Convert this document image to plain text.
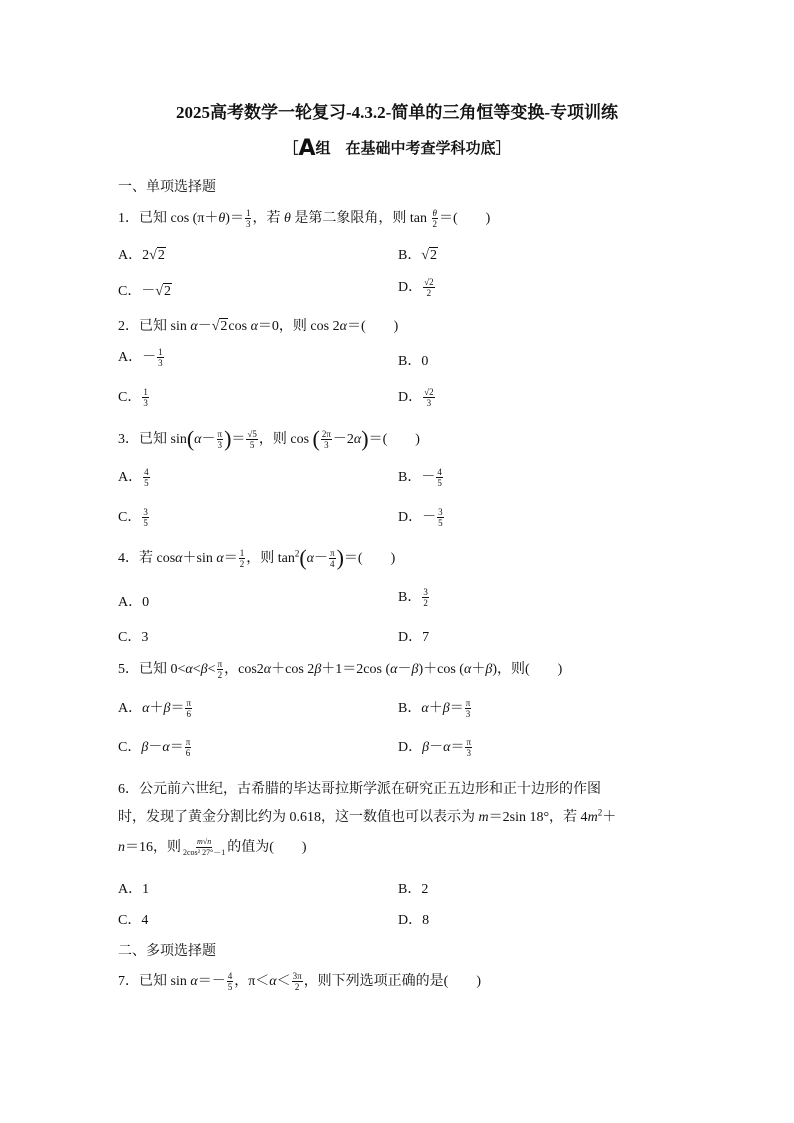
2025高考数学一轮复习-4.3.2-简单的三角恒等变换-专项训练
［A组　在基础中考查学科功底］
一、单项选择题
1．已知 $\cos (\pi+\theta)= \frac{1}{3}$ ，若 θ 是第二象限角，则 $\tan \frac{\theta}{2}$ ＝(　　)
A．2√2	B．√2
C．－√2	D． $\frac{√2}{2}$
2．已知 sin α－√2cos α＝0，则 cos 2α＝(　　)
A．－ $\frac{1}{3}$	B．0
C． $\frac{1}{3}$	D． $\frac{√2}{3}$
3．已知 $\sin(\alpha- \frac{\pi}{3}$ )＝ $\frac{√5}{5}$ ，则 cos ( $\frac{2\pi}{3} -2\alpha)=$(　　)
A． $\frac{4}{5}$	B．－ $\frac{4}{5}$
C． $\frac{3}{5}$	D．－ $\frac{3}{5}$
4．若 cosα＋sin $\alpha= \frac{1}{2}$ ，则 $\tan^2(\alpha- \frac{\pi}{4}$ )＝(　　)
A．0	B． $\frac{3}{2}$
C．3	D．7
5．已知 $0<\alpha<\beta< \frac{\pi}{2}$ ，cos2α＋cos 2β＋1＝2cos (α－β)＋cos (α＋β)，则(　　)
A．$\alpha+\beta= \frac{\pi}{6}$	B．$\alpha+\beta= \frac{\pi}{3}$
C．$\beta-\alpha= \frac{\pi}{6}$	D．$\beta-\alpha= \frac{\pi}{3}$
6．公元前六世纪，古希腊的毕达哥拉斯学派在研究正五边形和正十边形的作图
时，发现了黄金分割比约为 0.618，这一数值也可以表示为 m＝2sin 18°，若 $4m^2+$
n＝16，则 $\frac{m√n}{\text{2cos² 27°－1}}$ 的值为(　　)
A．1	B．2
C．4	D．8
二、多项选择题
7．已知 $\sin \alpha=- \frac{4}{5}$ ，$\pi<\alpha< \frac{3\pi}{2}$ ，则下列选项正确的是(　　)
